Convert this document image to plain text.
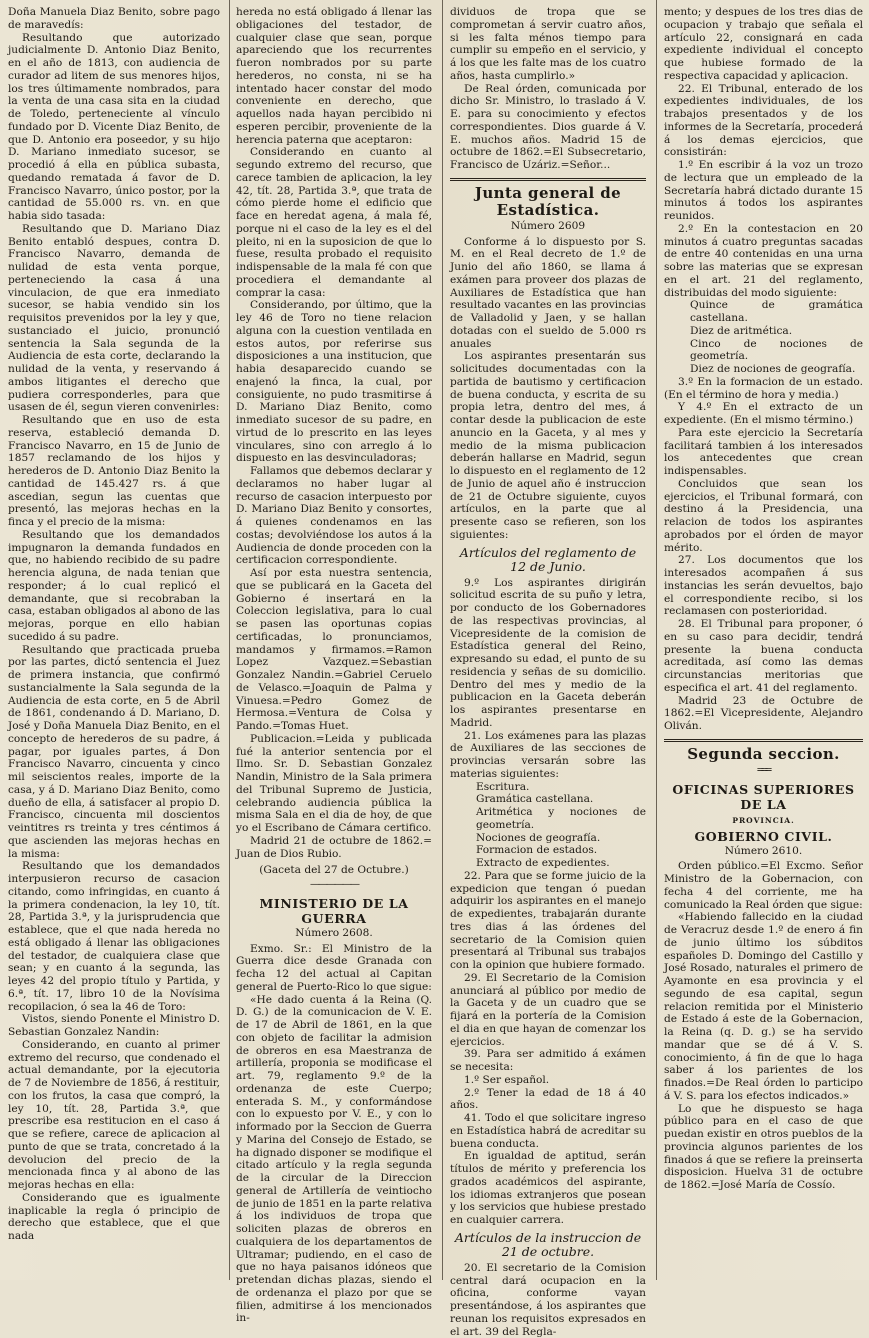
Doña Manuela Diaz Benito, sobre pago de maravedís:

Resultando que autorizado judicialmente D. Antonio Diaz Benito, en el año de 1813, con audiencia de curador ad litem de sus menores hijos, los tres últimamente nombrados, para la venta de una casa sita en la ciudad de Toledo, perteneciente al vínculo fundado por D. Vicente Diaz Benito, de que D. Antonio era poseedor, y su hijo D. Mariano inmediato sucesor, se procedió á ella en pública subasta, quedando rematada á favor de D. Francisco Navarro, único postor, por la cantidad de 55.000 rs. vn. en que habia sido tasada:

Resultando que D. Mariano Diaz Benito entabló despues, contra D. Francisco Navarro, demanda de nulidad de esta venta porque, perteneciendo la casa á una vinculacion, de que era inmediato sucesor, se habia vendido sin los requisitos prevenidos por la ley y que, sustanciado el juicio, pronunció sentencia la Sala segunda de la Audiencia de esta corte, declarando la nulidad de la venta, y reservando á ambos litigantes el derecho que pudiera corresponderles, para que usasen de él, segun vieren convenirles:

Resultando que en uso de esta reserva, estableció demanda D. Francisco Navarro, en 15 de Junio de 1857 reclamando de los hijos y herederos de D. Antonio Diaz Benito la cantidad de 145.427 rs. á que ascedian, segun las cuentas que presentó, las mejoras hechas en la finca y el precio de la misma:

Resultando que los demandados impugnaron la demanda fundados en que, no habiendo recibido de su padre herencia alguna, de nada tenian que responder; á lo cual replicó el demandante, que si recobraban la casa, estaban obligados al abono de las mejoras, porque en ello habian sucedido á su padre.

Resultando que practicada prueba por las partes, dictó sentencia el Juez de primera instancia, que confirmó sustancialmente la Sala segunda de la Audiencia de esta corte, en 5 de Abril de 1861, condenando á D. Mariano, D. José y Doña Manuela Diaz Benito, en el concepto de herederos de su padre, á pagar, por iguales partes, á Don Francisco Navarro, cincuenta y cinco mil seiscientos reales, importe de la casa, y á D. Mariano Diaz Benito, como dueño de ella, á satisfacer al propio D. Francisco, cincuenta mil doscientos veintitres rs treinta y tres céntimos á que ascienden las mejoras hechas en la misma:

Resultando que los demandados interpusieron recurso de casacion citando, como infringidas, en cuanto á la primera condenacion, la ley 10, tít. 28, Partida 3.ª, y la jurisprudencia que establece, que el que nada hereda no está obligado á llenar las obligaciones del testador, de cualquiera clase que sean; y en cuanto á la segunda, las leyes 42 del propio título y Partida, y 6.ª, tít. 17, libro 10 de la Novísima recopilacion, ó sea la 46 de Toro:

Vistos, siendo Ponente el Ministro D. Sebastian Gonzalez Nandin:

Considerando, en cuanto al primer extremo del recurso, que condenado el actual demandante, por la ejecutoria de 7 de Noviembre de 1856, á restituir, con los frutos, la casa que compró, la ley 10, tít. 28, Partida 3.ª, que prescribe esa restitucion en el caso á que se refiere, carece de aplicacion al punto de que se trata, concretado á la devolucion del precio de la mencionada finca y al abono de las mejoras hechas en ella:

Considerando que es igualmente inaplicable la regla ó principio de derecho que establece, que el que nada

hereda no está obligado á llenar las obligaciones del testador, de cualquier clase que sean, porque apareciendo que los recurrentes fueron nombrados por su parte herederos, no consta, ni se ha intentado hacer constar del modo conveniente en derecho, que aquellos nada hayan percibido ni esperen percibir, proveniente de la herencia paterna que aceptaron:

Considerando en cuanto al segundo extremo del recurso, que carece tambien de aplicacion, la ley 42, tít. 28, Partida 3.ª, que trata de cómo pierde home el edificio que face en heredat agena, á mala fé, porque ni el caso de la ley es el del pleito, ni en la suposicion de que lo fuese, resulta probado el requisito indispensable de la mala fé con que procediera el demandante al comprar la casa:

Considerando, por último, que la ley 46 de Toro no tiene relacion alguna con la cuestion ventilada en estos autos, por referirse sus disposiciones a una institucion, que habia desaparecido cuando se enajenó la finca, la cual, por consiguiente, no pudo trasmitirse á D. Mariano Diaz Benito, como inmediato sucesor de su padre, en virtud de lo prescrito en las leyes vinculares, sino con arreglo á lo dispuesto en las desvinculadoras;

Fallamos que debemos declarar y declaramos no haber lugar al recurso de casacion interpuesto por D. Mariano Diaz Benito y consortes, á quienes condenamos en las costas; devolviéndose los autos á la Audiencia de donde proceden con la certificacion correspondiente.

Así por esta nuestra sentencia, que se publicará en la Gaceta del Gobierno é insertará en la Coleccion legislativa, para lo cual se pasen las oportunas copias certificadas, lo pronunciamos, mandamos y firmamos.=Ramon Lopez Vazquez.=Sebastian Gonzalez Nandin.=Gabriel Ceruelo de Velasco.=Joaquin de Palma y Vinuesa.=Pedro Gomez de Hermosa.=Ventura de Colsa y Pando.=Tomas Huet.

Publicacion.=Leida y publicada fué la anterior sentencia por el Ilmo. Sr. D. Sebastian Gonzalez Nandin, Ministro de la Sala primera del Tribunal Supremo de Justicia, celebrando audiencia pública la misma Sala en el dia de hoy, de que yo el Escribano de Cámara certifico.

Madrid 21 de octubre de 1862.= Juan de Dios Rubio.

(Gaceta del 27 de Octubre.)
——————
MINISTERIO DE LA GUERRA
Número 2608.

Exmo. Sr.: El Ministro de la Guerra dice desde Granada con fecha 12 del actual al Capitan general de Puerto-Rico lo que sigue:

«He dado cuenta á la Reina (Q. D. G.) de la comunicacion de V. E. de 17 de Abril de 1861, en la que con objeto de facilitar la admision de obreros en esa Maestranza de artillería, proponia se modificase el art. 79, reglamento 9.º de la ordenanza de este Cuerpo; enterada S. M., y conformándose con lo expuesto por V. E., y con lo informado por la Seccion de Guerra y Marina del Consejo de Estado, se ha dignado disponer se modifique el citado artículo y la regla segunda de la circular de la Direccion general de Artillería de veintiocho de junio de 1851 en la parte relativa á los individuos de tropa que soliciten plazas de obreros en cualquiera de los departamentos de Ultramar; pudiendo, en el caso de que no haya paisanos idóneos que pretendan dichas plazas, siendo el de ordenanza el plazo por que se filien, admitirse á los mencionados in-

dividuos de tropa que se comprometan á servir cuatro años, si les falta ménos tiempo para cumplir su empeño en el servicio, y á los que les falte mas de los cuatro años, hasta cumplirlo.»

De Real órden, comunicada por dicho Sr. Ministro, lo traslado á V. E. para su conocimiento y efectos correspondientes. Dios guarde á V. E. muchos años. Madrid 15 de octubre de 1862.=El Subsecretario, Francisco de Uzáriz.=Señor...

Junta general de Estadística.
Número 2609

Conforme á lo dispuesto por S. M. en el Real decreto de 1.º de Junio del año 1860, se llama á exámen para proveer dos plazas de Auxiliares de Estadística que han resultado vacantes en las provincias de Valladolid y Jaen, y se hallan dotadas con el sueldo de 5.000 rs anuales

Los aspirantes presentarán sus solicitudes documentadas con la partida de bautismo y certificacion de buena conducta, y escrita de su propia letra, dentro del mes, á contar desde la publicacion de este anuncio en la Gaceta, y al mes y medio de la misma publicacion deberán hallarse en Madrid, segun lo dispuesto en el reglamento de 12 de Junio de aquel año é instruccion de 21 de Octubre siguiente, cuyos artículos, en la parte que al presente caso se refieren, son los siguientes:

Artículos del reglamento de 12 de Junio.

9.º Los aspirantes dirigirán solicitud escrita de su puño y letra, por conducto de los Gobernadores de las respectivas provincias, al Vicepresidente de la comision de Estadística general del Reino, expresando su edad, el punto de su residencia y señas de su domicilio. Dentro del mes y medio de la publicacion en la Gaceta deberán los aspirantes presentarse en Madrid.

21. Los exámenes para las plazas de Auxiliares de las secciones de provincias versarán sobre las materias siguientes:

Escritura.

Gramática castellana.

Aritmética y nociones de geometría.

Nociones de geografía.

Formacion de estados.

Extracto de expedientes.

22. Para que se forme juicio de la expedicion que tengan ó puedan adquirir los aspirantes en el manejo de expedientes, trabajarán durante tres dias á las órdenes del secretario de la Comision quien presentará al Tribunal sus trabajos con la opinion que hubiere formado.

29. El Secretario de la Comision anunciará al público por medio de la Gaceta y de un cuadro que se fijará en la portería de la Comision el dia en que hayan de comenzar los ejercicios.

39. Para ser admitido á exámen se necesita:

1.º Ser español.

2.º Tener la edad de 18 á 40 años.

41. Todo el que solicitare ingreso en Estadística habrá de acreditar su buena conducta.

En igualdad de aptitud, serán títulos de mérito y preferencia los grados académicos del aspirante, los idiomas extranjeros que posean y los servicios que hubiese prestado en cualquier carrera.

Artículos de la instruccion de 21 de octubre.

20. El secretario de la Comision central dará ocupacion en la oficina, conforme vayan presentándose, á los aspirantes que reunan los requisitos expresados en el art. 39 del Regla-

mento; y despues de los tres dias de ocupacion y trabajo que señala el artículo 22, consignará en cada expediente individual el concepto que hubiese formado de la respectiva capacidad y aplicacion.

22. El Tribunal, enterado de los expedientes individuales, de los trabajos presentados y de los informes de la Secretaría, procederá á los demas ejercicios, que consistirán:

1.º En escribir á la voz un trozo de lectura que un empleado de la Secretaría habrá dictado durante 15 minutos á todos los aspirantes reunidos.

2.º En la contestacion en 20 minutos á cuatro preguntas sacadas de entre 40 contenidas en una urna sobre las materias que se expresan en el art. 21 del reglamento, distribuidas del modo siguiente:

Quince de gramática castellana.

Diez de aritmética.

Cinco de nociones de geometría.

Diez de nociones de geografía.

3.º En la formacion de un estado. (En el término de hora y media.)

Y 4.º En el extracto de un expediente. (En el mismo término.)

Para este ejercicio la Secretaría facilitará tambien á los interesados los antecedentes que crean indispensables.

Concluidos que sean los ejercicios, el Tribunal formará, con destino á la Presidencia, una relacion de todos los aspirantes aprobados por el órden de mayor mérito.

27. Los documentos que los interesados acompañen á sus instancias les serán devueltos, bajo el correspondiente recibo, si los reclamasen con posterioridad.

28. El Tribunal para proponer, ó en su caso para decidir, tendrá presente la buena conducta acreditada, así como las demas circunstancias meritorias que especifica el art. 41 del reglamento.

Madrid 23 de Octubre de 1862.=El Vicepresidente, Alejandro Oliván.

Segunda seccion.
═══
OFICINAS SUPERIORES DE LA
PROVINCIA.
GOBIERNO CIVIL.
Número 2610.

Orden público.=El Excmo. Señor Ministro de la Gobernacion, con fecha 4 del corriente, me ha comunicado la Real órden que sigue:

«Habiendo fallecido en la ciudad de Veracruz desde 1.º de enero á fin de junio último los súbditos españoles D. Domingo del Castillo y José Rosado, naturales el primero de Ayamonte en esa provincia y el segundo de esa capital, segun relacion remitida por el Ministerio de Estado á este de la Gobernacion, la Reina (q. D. g.) se ha servido mandar que se dé á V. S. conocimiento, á fin de que lo haga saber á los parientes de los finados.=De Real órden lo participo á V. S. para los efectos indicados.»

Lo que he dispuesto se haga público para en el caso de que puedan existir en otros pueblos de la provincia algunos parientes de los finados á que se refiere la preinserta disposicion. Huelva 31 de octubre de 1862.=José María de Cossío.
